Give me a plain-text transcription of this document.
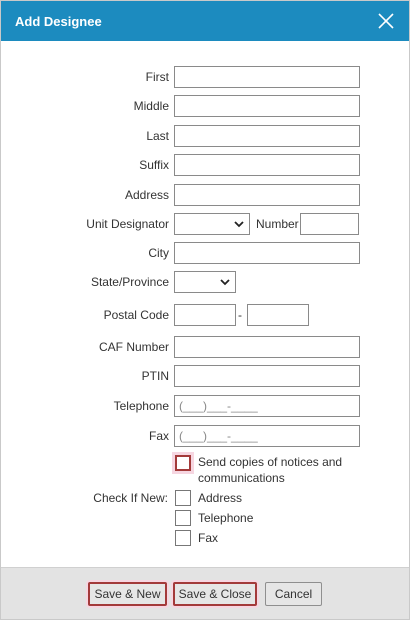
Add Designee
First
Middle
Last
Suffix
Address
Unit Designator	Number
City
State/Province
Postal Code	-
CAF Number
PTIN
Telephone
(___)___-____
Fax
(___)___-____
Send copies of notices and
communications
Check If New:	Address
Telephone
Fax
Save & New	Save & Close	Cancel
